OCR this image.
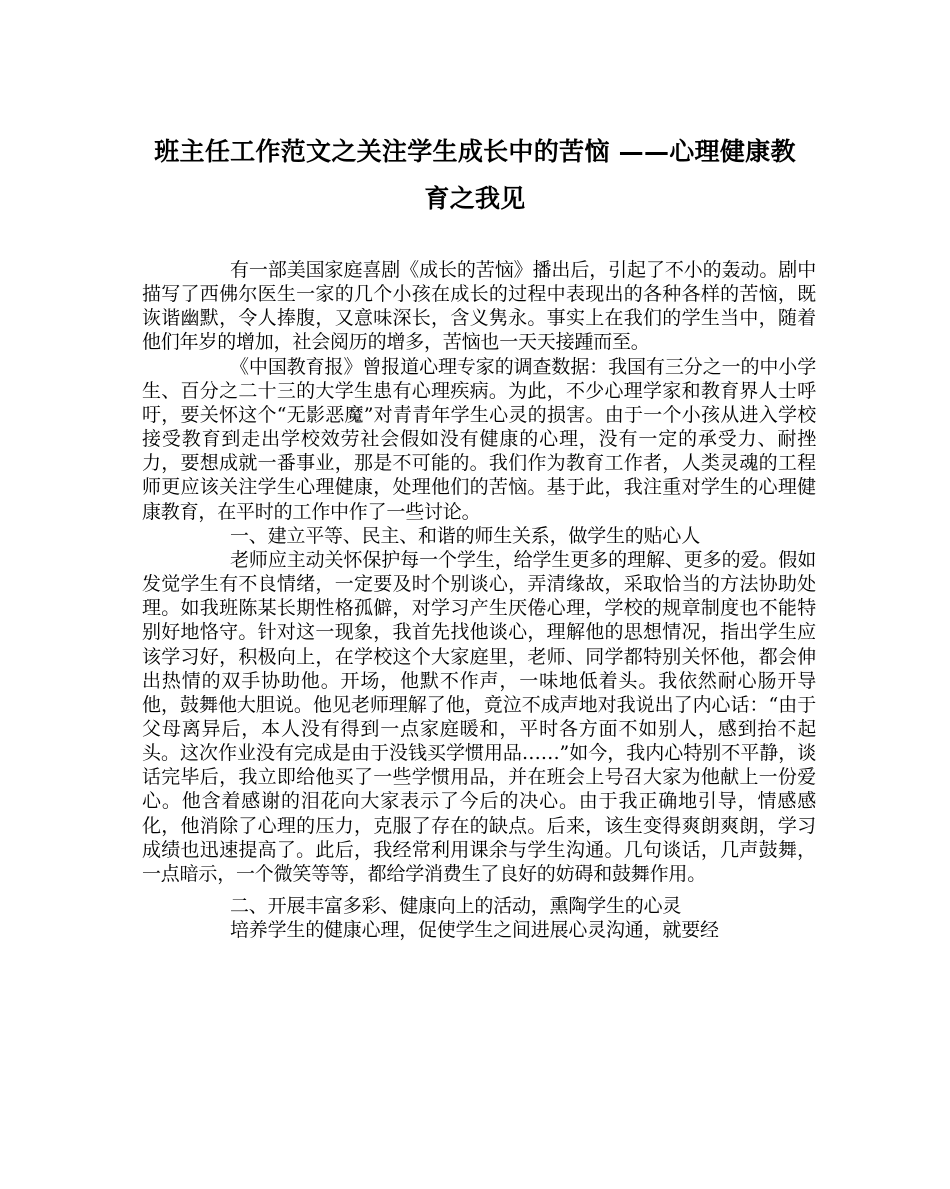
班主任工作范文之关注学生成长中的苦恼 ——心理健康教育之我见

有一部美国家庭喜剧《成长的苦恼》播出后，引起了不小的轰动。剧中描写了西佛尔医生一家的几个小孩在成长的过程中表现出的各种各样的苦恼，既诙谐幽默，令人捧腹，又意味深长，含义隽永。事实上在我们的学生当中，随着他们年岁的增加，社会阅历的增多，苦恼也一天天接踵而至。

《中国教育报》曾报道心理专家的调查数据：我国有三分之一的中小学生、百分之二十三的大学生患有心理疾病。为此，不少心理学家和教育界人士呼吁，要关怀这个“无影恶魔”对青青年学生心灵的损害。由于一个小孩从进入学校接受教育到走出学校效劳社会假如没有健康的心理，没有一定的承受力、耐挫力，要想成就一番事业，那是不可能的。我们作为教育工作者，人类灵魂的工程师更应该关注学生心理健康，处理他们的苦恼。基于此，我注重对学生的心理健康教育，在平时的工作中作了一些讨论。

一、建立平等、民主、和谐的师生关系，做学生的贴心人

老师应主动关怀保护每一个学生，给学生更多的理解、更多的爱。假如发觉学生有不良情绪，一定要及时个别谈心，弄清缘故，采取恰当的方法协助处理。如我班陈某长期性格孤僻，对学习产生厌倦心理，学校的规章制度也不能特别好地恪守。针对这一现象，我首先找他谈心，理解他的思想情况，指出学生应该学习好，积极向上，在学校这个大家庭里，老师、同学都特别关怀他，都会伸出热情的双手协助他。开场，他默不作声，一味地低着头。我依然耐心肠开导他，鼓舞他大胆说。他见老师理解了他，竟泣不成声地对我说出了内心话：“由于父母离异后，本人没有得到一点家庭暖和，平时各方面不如别人，感到抬不起头。这次作业没有完成是由于没钱买学惯用品……”如今，我内心特别不平静，谈话完毕后，我立即给他买了一些学惯用品，并在班会上号召大家为他献上一份爱心。他含着感谢的泪花向大家表示了今后的决心。由于我正确地引导，情感感化，他消除了心理的压力，克服了存在的缺点。后来，该生变得爽朗爽朗，学习成绩也迅速提高了。此后，我经常利用课余与学生沟通。几句谈话，几声鼓舞，一点暗示，一个微笑等等，都给学消费生了良好的妨碍和鼓舞作用。

二、开展丰富多彩、健康向上的活动，熏陶学生的心灵

培养学生的健康心理，促使学生之间进展心灵沟通，就要经
